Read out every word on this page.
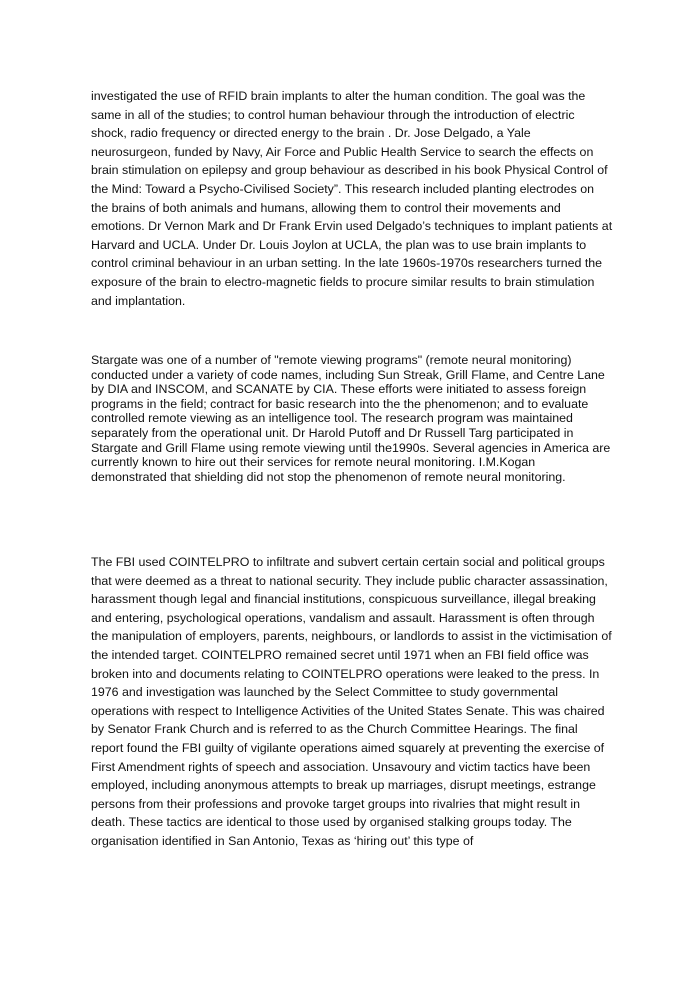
investigated the use of RFID brain implants to alter the human condition. The goal was the same in all of the studies; to control human behaviour through the introduction of electric shock, radio frequency or directed energy to the brain . Dr. Jose Delgado, a Yale neurosurgeon, funded by Navy, Air Force and Public Health Service to search the effects on brain stimulation on epilepsy and group behaviour as described in his book Physical Control of the Mind: Toward a Psycho-Civilised Society”. This research included planting electrodes on the brains of both animals and humans, allowing them to control their movements and emotions. Dr Vernon Mark and Dr Frank Ervin used Delgado’s techniques to implant patients at Harvard and UCLA. Under Dr. Louis Joylon at UCLA, the plan was to use brain implants to control criminal behaviour in an urban setting. In the late 1960s-1970s researchers turned the exposure of the brain to electro-magnetic fields to procure similar results to brain stimulation and implantation.

Stargate was one of a number of "remote viewing programs" (remote neural monitoring) conducted under a variety of code names, including Sun Streak, Grill Flame, and Centre Lane by DIA and INSCOM, and SCANATE by CIA. These efforts were initiated to assess foreign programs in the field; contract for basic research into the the phenomenon; and to evaluate controlled remote viewing as an intelligence tool. The research program was maintained separately from the operational unit. Dr Harold Putoff and Dr Russell Targ participated in Stargate and Grill Flame using remote viewing until the1990s. Several agencies in America are currently known to hire out their services for remote neural monitoring. I.M.Kogan demonstrated that shielding did not stop the phenomenon of remote neural monitoring.

The FBI used COINTELPRO to infiltrate and subvert certain certain social and political groups that were deemed as a threat to national security. They include public character assassination, harassment though legal and financial institutions, conspicuous surveillance, illegal breaking and entering, psychological operations, vandalism and assault. Harassment is often through the manipulation of employers, parents, neighbours, or landlords to assist in the victimisation of the intended target. COINTELPRO remained secret until 1971 when an FBI field office was broken into and documents relating to COINTELPRO operations were leaked to the press. In 1976 and investigation was launched by the Select Committee to study governmental operations with respect to Intelligence Activities of the United States Senate. This was chaired by Senator Frank Church and is referred to as the Church Committee Hearings. The final report found the FBI guilty of vigilante operations aimed squarely at preventing the exercise of First Amendment rights of speech and association. Unsavoury and victim tactics have been employed, including anonymous attempts to break up marriages, disrupt meetings, estrange persons from their professions and provoke target groups into rivalries that might result in death. These tactics are identical to those used by organised stalking groups today. The organisation identified in San Antonio, Texas as ‘hiring out’ this type of
